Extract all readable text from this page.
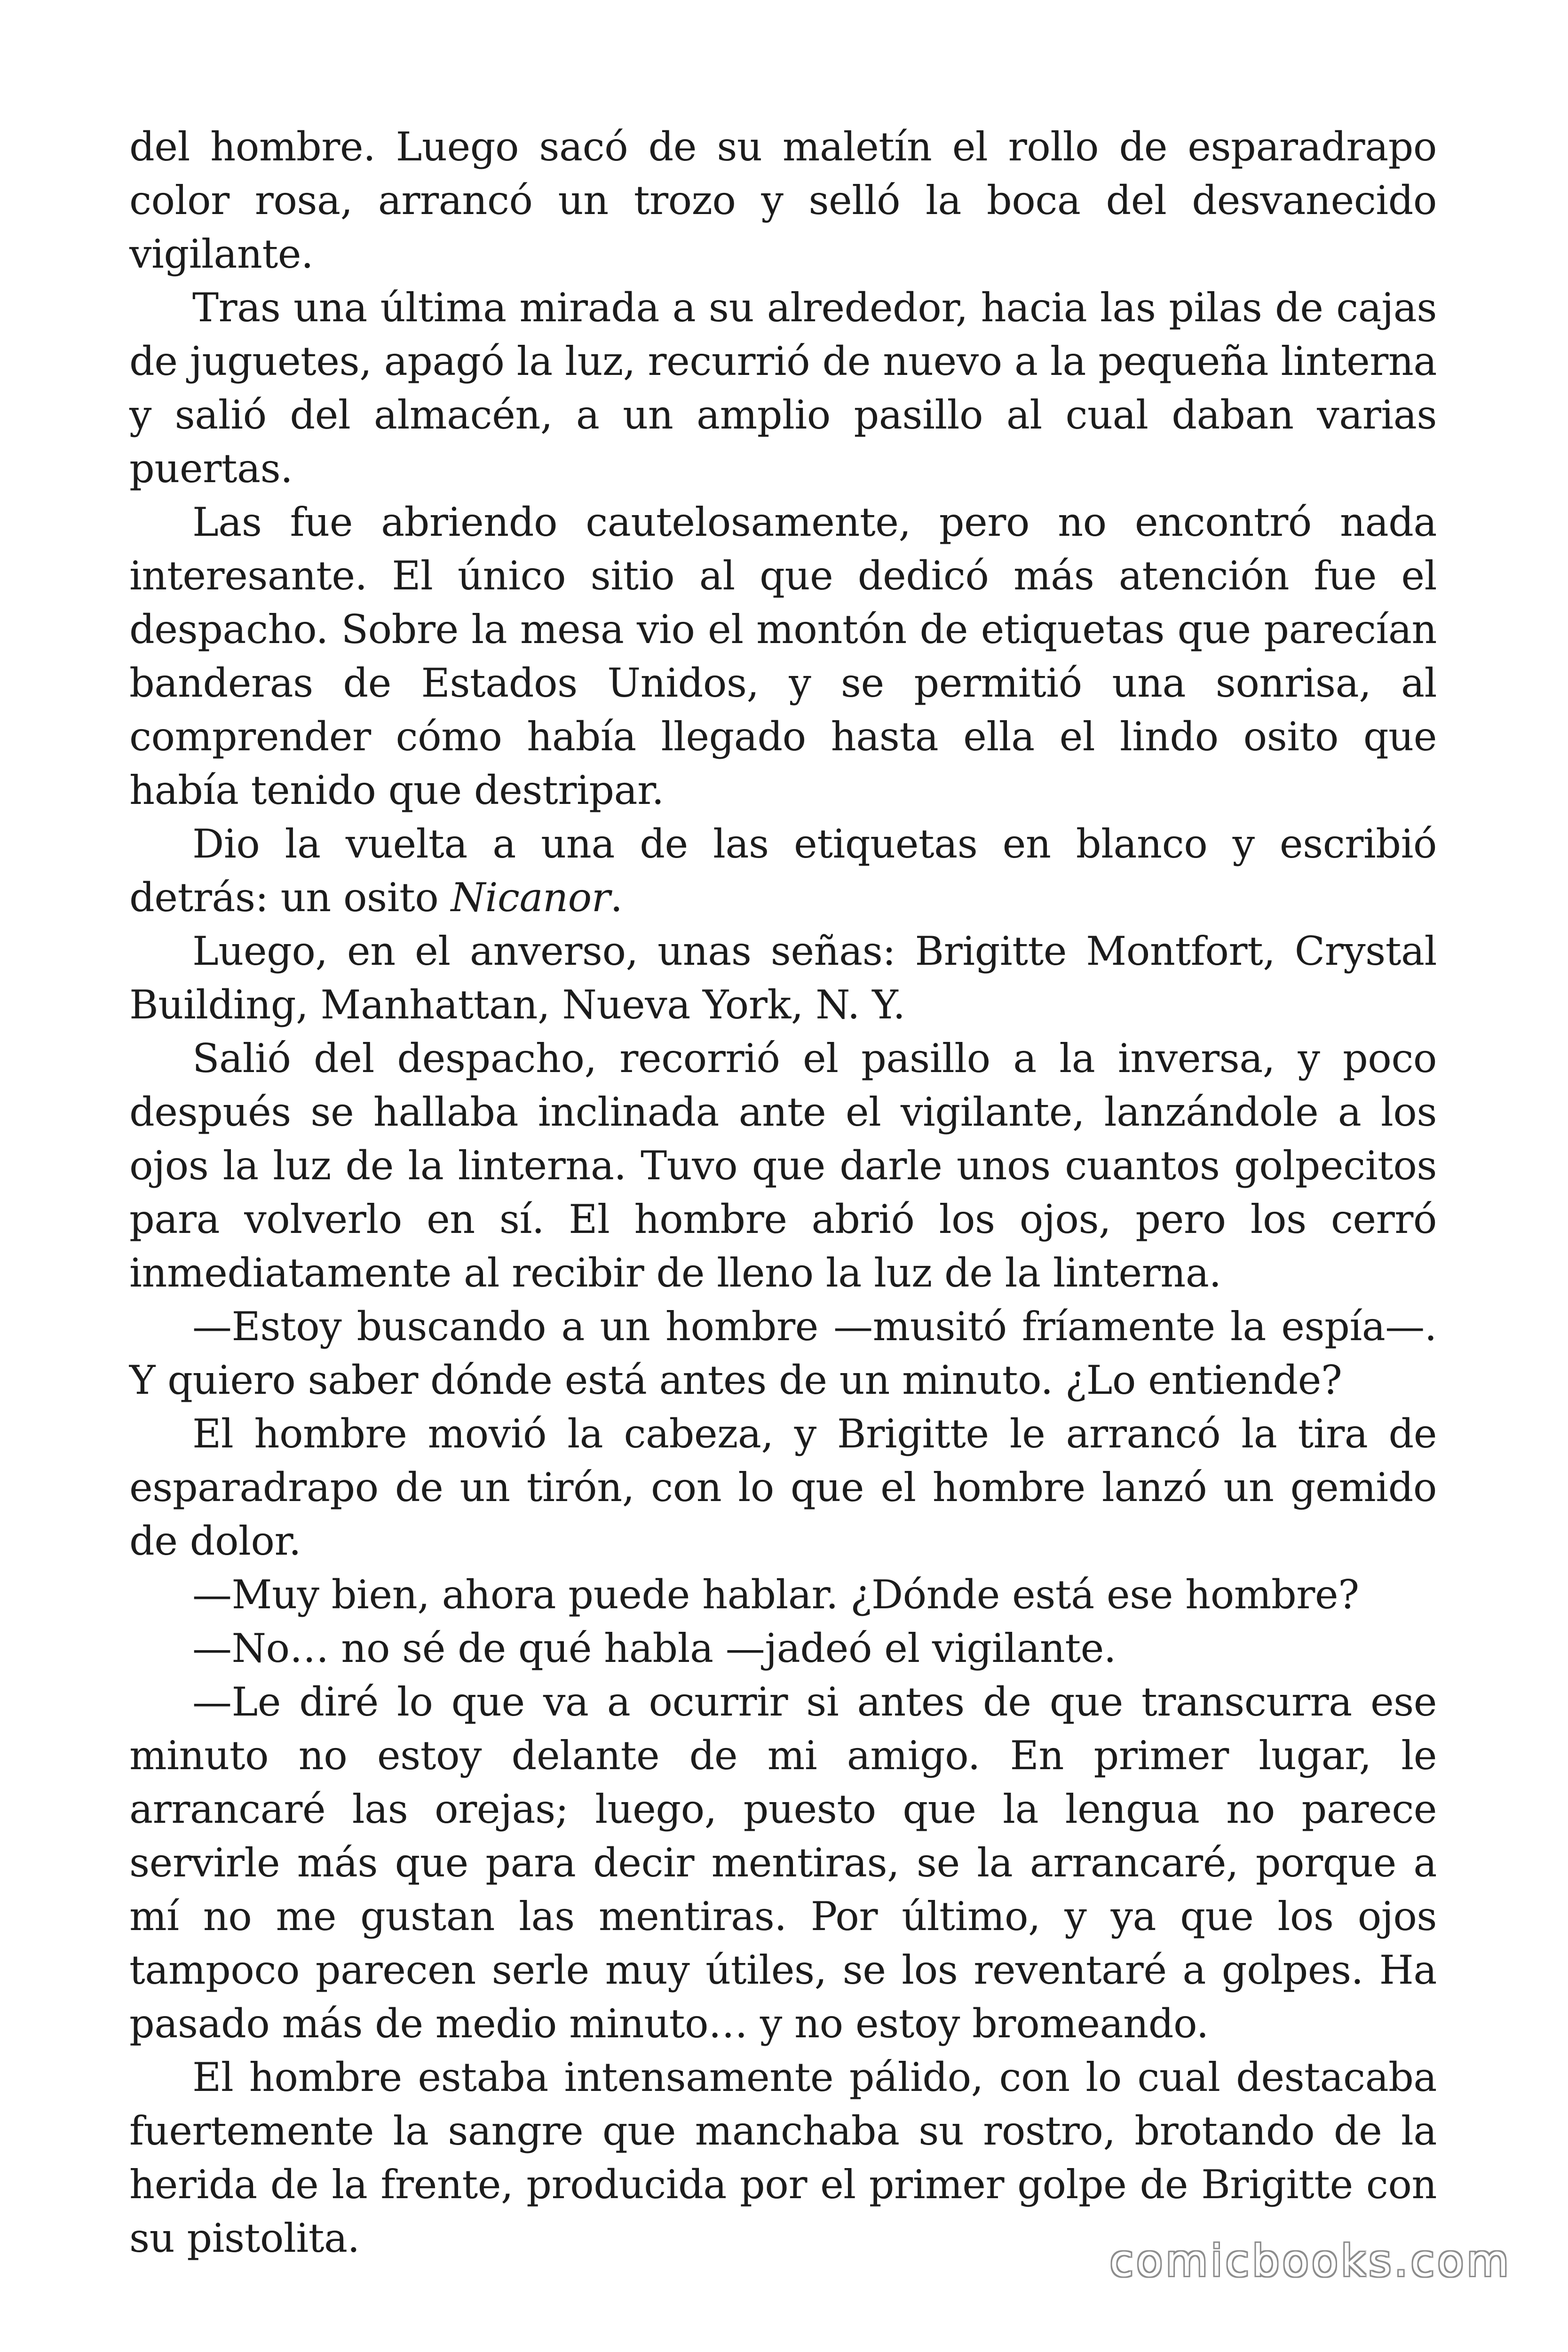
del hombre. Luego sacó de su maletín el rollo de esparadrapo color rosa, arrancó un trozo y selló la boca del desvanecido vigilante.

Tras una última mirada a su alrededor, hacia las pilas de cajas de juguetes, apagó la luz, recurrió de nuevo a la pequeña linterna y salió del almacén, a un amplio pasillo al cual daban varias puertas.

Las fue abriendo cautelosamente, pero no encontró nada interesante. El único sitio al que dedicó más atención fue el despacho. Sobre la mesa vio el montón de etiquetas que parecían banderas de Estados Unidos, y se permitió una sonrisa, al comprender cómo había llegado hasta ella el lindo osito que había tenido que destripar.

Dio la vuelta a una de las etiquetas en blanco y escribió detrás: un osito Nicanor.

Luego, en el anverso, unas señas: Brigitte Montfort, Crystal Building, Manhattan, Nueva York, N. Y.

Salió del despacho, recorrió el pasillo a la inversa, y poco después se hallaba inclinada ante el vigilante, lanzándole a los ojos la luz de la linterna. Tuvo que darle unos cuantos golpecitos para volverlo en sí. El hombre abrió los ojos, pero los cerró inmediatamente al recibir de lleno la luz de la linterna.

—Estoy buscando a un hombre —musitó fríamente la espía—. Y quiero saber dónde está antes de un minuto. ¿Lo entiende?

El hombre movió la cabeza, y Brigitte le arrancó la tira de esparadrapo de un tirón, con lo que el hombre lanzó un gemido de dolor.

—Muy bien, ahora puede hablar. ¿Dónde está ese hombre?

—No… no sé de qué habla —jadeó el vigilante.

—Le diré lo que va a ocurrir si antes de que transcurra ese minuto no estoy delante de mi amigo. En primer lugar, le arrancaré las orejas; luego, puesto que la lengua no parece servirle más que para decir mentiras, se la arrancaré, porque a mí no me gustan las mentiras. Por último, y ya que los ojos tampoco parecen serle muy útiles, se los reventaré a golpes. Ha pasado más de medio minuto… y no estoy bromeando.

El hombre estaba intensamente pálido, con lo cual destacaba fuertemente la sangre que manchaba su rostro, brotando de la herida de la frente, producida por el primer golpe de Brigitte con su pistolita.	comicbooks.com
